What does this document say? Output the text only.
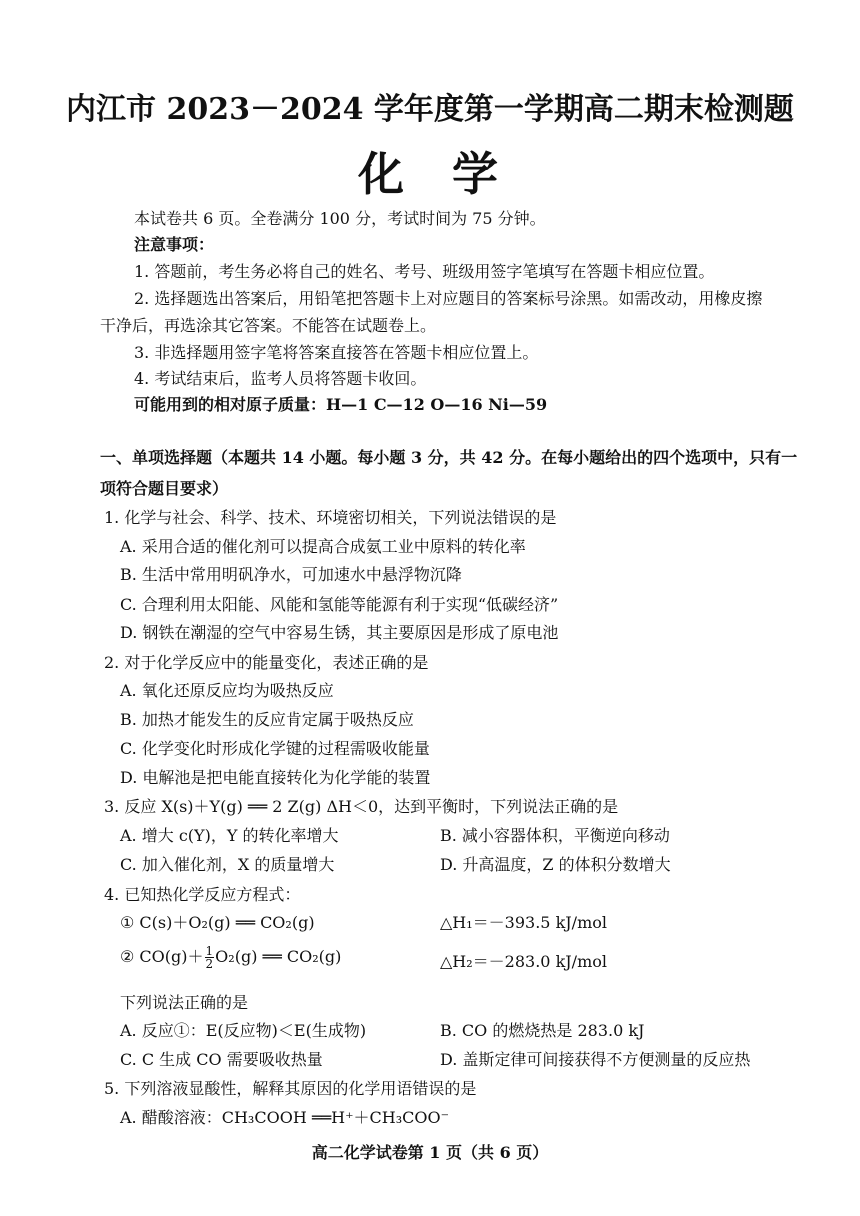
内江市 2023－2024 学年度第一学期高二期末检测题
化学
本试卷共 6 页。全卷满分 100 分，考试时间为 75 分钟。
注意事项：
1. 答题前，考生务必将自己的姓名、考号、班级用签字笔填写在答题卡相应位置。
2. 选择题选出答案后，用铅笔把答题卡上对应题目的答案标号涂黑。如需改动，用橡皮擦
干净后，再选涂其它答案。不能答在试题卷上。
3. 非选择题用签字笔将答案直接答在答题卡相应位置上。
4. 考试结束后，监考人员将答题卡收回。
可能用到的相对原子质量：H—1 C—12 O—16 Ni—59
一、单项选择题（本题共 14 小题。每小题 3 分，共 42 分。在每小题给出的四个选项中，只有一
项符合题目要求）
1. 化学与社会、科学、技术、环境密切相关，下列说法错误的是
A. 采用合适的催化剂可以提高合成氨工业中原料的转化率
B. 生活中常用明矾净水，可加速水中悬浮物沉降
C. 合理利用太阳能、风能和氢能等能源有利于实现“低碳经济”
D. 钢铁在潮湿的空气中容易生锈，其主要原因是形成了原电池
2. 对于化学反应中的能量变化，表述正确的是
A. 氧化还原反应均为吸热反应
B. 加热才能发生的反应肯定属于吸热反应
C. 化学变化时形成化学键的过程需吸收能量
D. 电解池是把电能直接转化为化学能的装置
3. 反应 X(s)＋Y(g) ══ 2 Z(g) ΔH＜0，达到平衡时，下列说法正确的是
A. 增大 c(Y)，Y 的转化率增大	B. 减小容器体积，平衡逆向移动
C. 加入催化剂，X 的质量增大	D. 升高温度，Z 的体积分数增大
4. 已知热化学反应方程式：
① C(s)＋O₂(g) ══ CO₂(g)	△H₁＝－393.5 kJ/mol
② $CO(g)+ \frac{1}{2} O_2(g)$ ══ CO₂(g)	△H₂＝－283.0 kJ/mol
下列说法正确的是
A. 反应①：E(反应物)＜E(生成物)	B. CO 的燃烧热是 283.0 kJ
C. C 生成 CO 需要吸收热量	D. 盖斯定律可间接获得不方便测量的反应热
5. 下列溶液显酸性，解释其原因的化学用语错误的是
A. 醋酸溶液：CH₃COOH ══H⁺＋CH₃COO⁻
高二化学试卷第 1 页（共 6 页）
